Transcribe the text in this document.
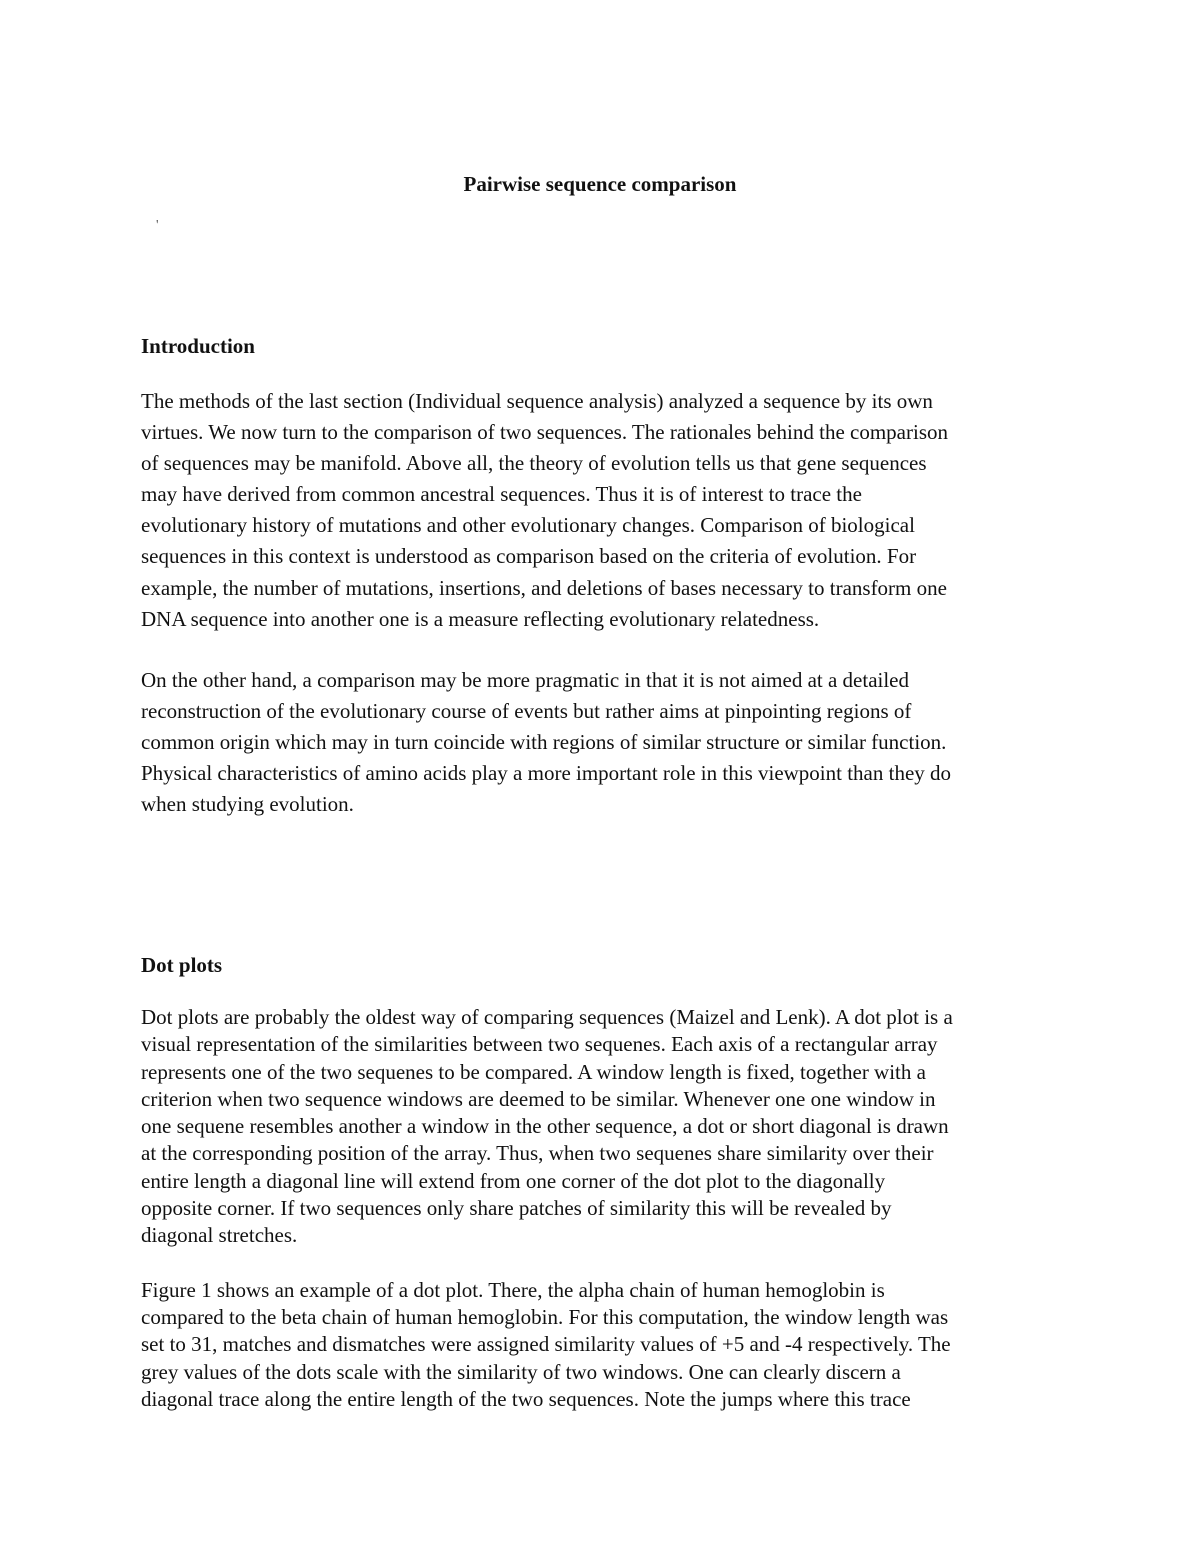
Pairwise sequence comparison
'
Introduction

The methods of the last section (Individual sequence analysis) analyzed a sequence by its own
virtues. We now turn to the comparison of two sequences. The rationales behind the comparison
of sequences may be manifold. Above all, the theory of evolution tells us that gene sequences
may have derived from common ancestral sequences. Thus it is of interest to trace the
evolutionary history of mutations and other evolutionary changes. Comparison of biological
sequences in this context is understood as comparison based on the criteria of evolution. For
example, the number of mutations, insertions, and deletions of bases necessary to transform one
DNA sequence into another one is a measure reflecting evolutionary relatedness.

On the other hand, a comparison may be more pragmatic in that it is not aimed at a detailed
reconstruction of the evolutionary course of events but rather aims at pinpointing regions of
common origin which may in turn coincide with regions of similar structure or similar function.
Physical characteristics of amino acids play a more important role in this viewpoint than they do
when studying evolution.

Dot plots

Dot plots are probably the oldest way of comparing sequences (Maizel and Lenk). A dot plot is a
visual representation of the similarities between two sequenes. Each axis of a rectangular array
represents one of the two sequenes to be compared. A window length is fixed, together with a
criterion when two sequence windows are deemed to be similar. Whenever one one window in
one sequene resembles another a window in the other sequence, a dot or short diagonal is drawn
at the corresponding position of the array. Thus, when two sequenes share similarity over their
entire length a diagonal line will extend from one corner of the dot plot to the diagonally
opposite corner. If two sequences only share patches of similarity this will be revealed by
diagonal stretches.

Figure 1 shows an example of a dot plot. There, the alpha chain of human hemoglobin is
compared to the beta chain of human hemoglobin. For this computation, the window length was
set to 31, matches and dismatches were assigned similarity values of +5 and -4 respectively. The
grey values of the dots scale with the similarity of two windows. One can clearly discern a
diagonal trace along the entire length of the two sequences. Note the jumps where this trace
